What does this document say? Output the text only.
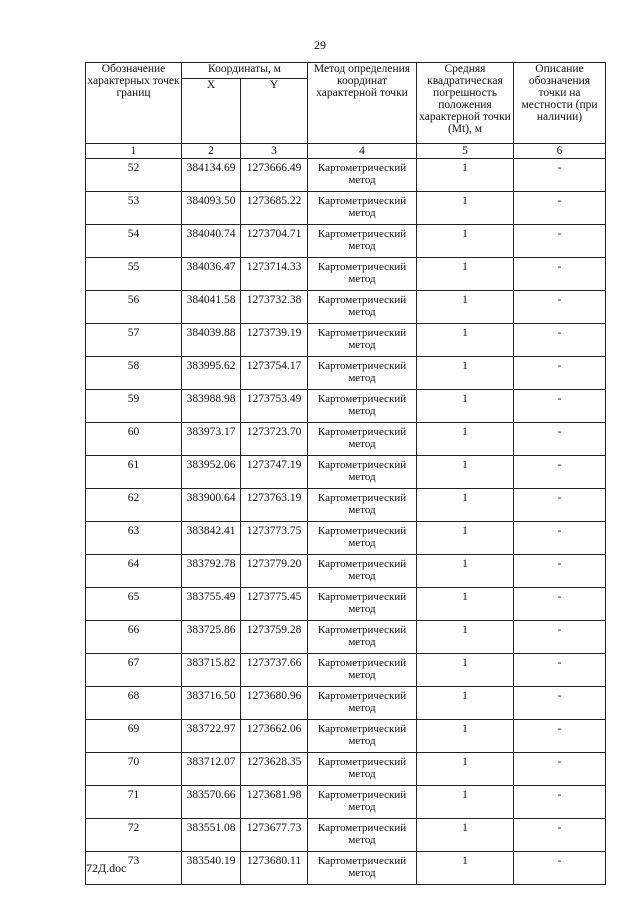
29
Обозначение характерных точек границ	Координаты, м		Метод определения координат характерной точки	Средняя квадратическая погрешность положения характерной точки (Mt), м	Описание обозначения точки на местности (при наличии)
	X	Y			
1	2	3	4	5	6
52	384134.69	1273666.49	Картометрический метод	1	-
53	384093.50	1273685.22	Картометрический метод	1	-
54	384040.74	1273704.71	Картометрический метод	1	-
55	384036.47	1273714.33	Картометрический метод	1	-
56	384041.58	1273732.38	Картометрический метод	1	-
57	384039.88	1273739.19	Картометрический метод	1	-
58	383995.62	1273754.17	Картометрический метод	1	-
59	383988.98	1273753.49	Картометрический метод	1	-
60	383973.17	1273723.70	Картометрический метод	1	-
61	383952.06	1273747.19	Картометрический метод	1	-
62	383900.64	1273763.19	Картометрический метод	1	-
63	383842.41	1273773.75	Картометрический метод	1	-
64	383792.78	1273779.20	Картометрический метод	1	-
65	383755.49	1273775.45	Картометрический метод	1	-
66	383725.86	1273759.28	Картометрический метод	1	-
67	383715.82	1273737.66	Картометрический метод	1	-
68	383716.50	1273680.96	Картометрический метод	1	-
69	383722.97	1273662.06	Картометрический метод	1	-
70	383712.07	1273628.35	Картометрический метод	1	-
71	383570.66	1273681.98	Картометрический метод	1	-
72	383551.08	1273677.73	Картометрический метод	1	-
73	383540.19	1273680.11	Картометрический метод	1	-
72Д.doc
